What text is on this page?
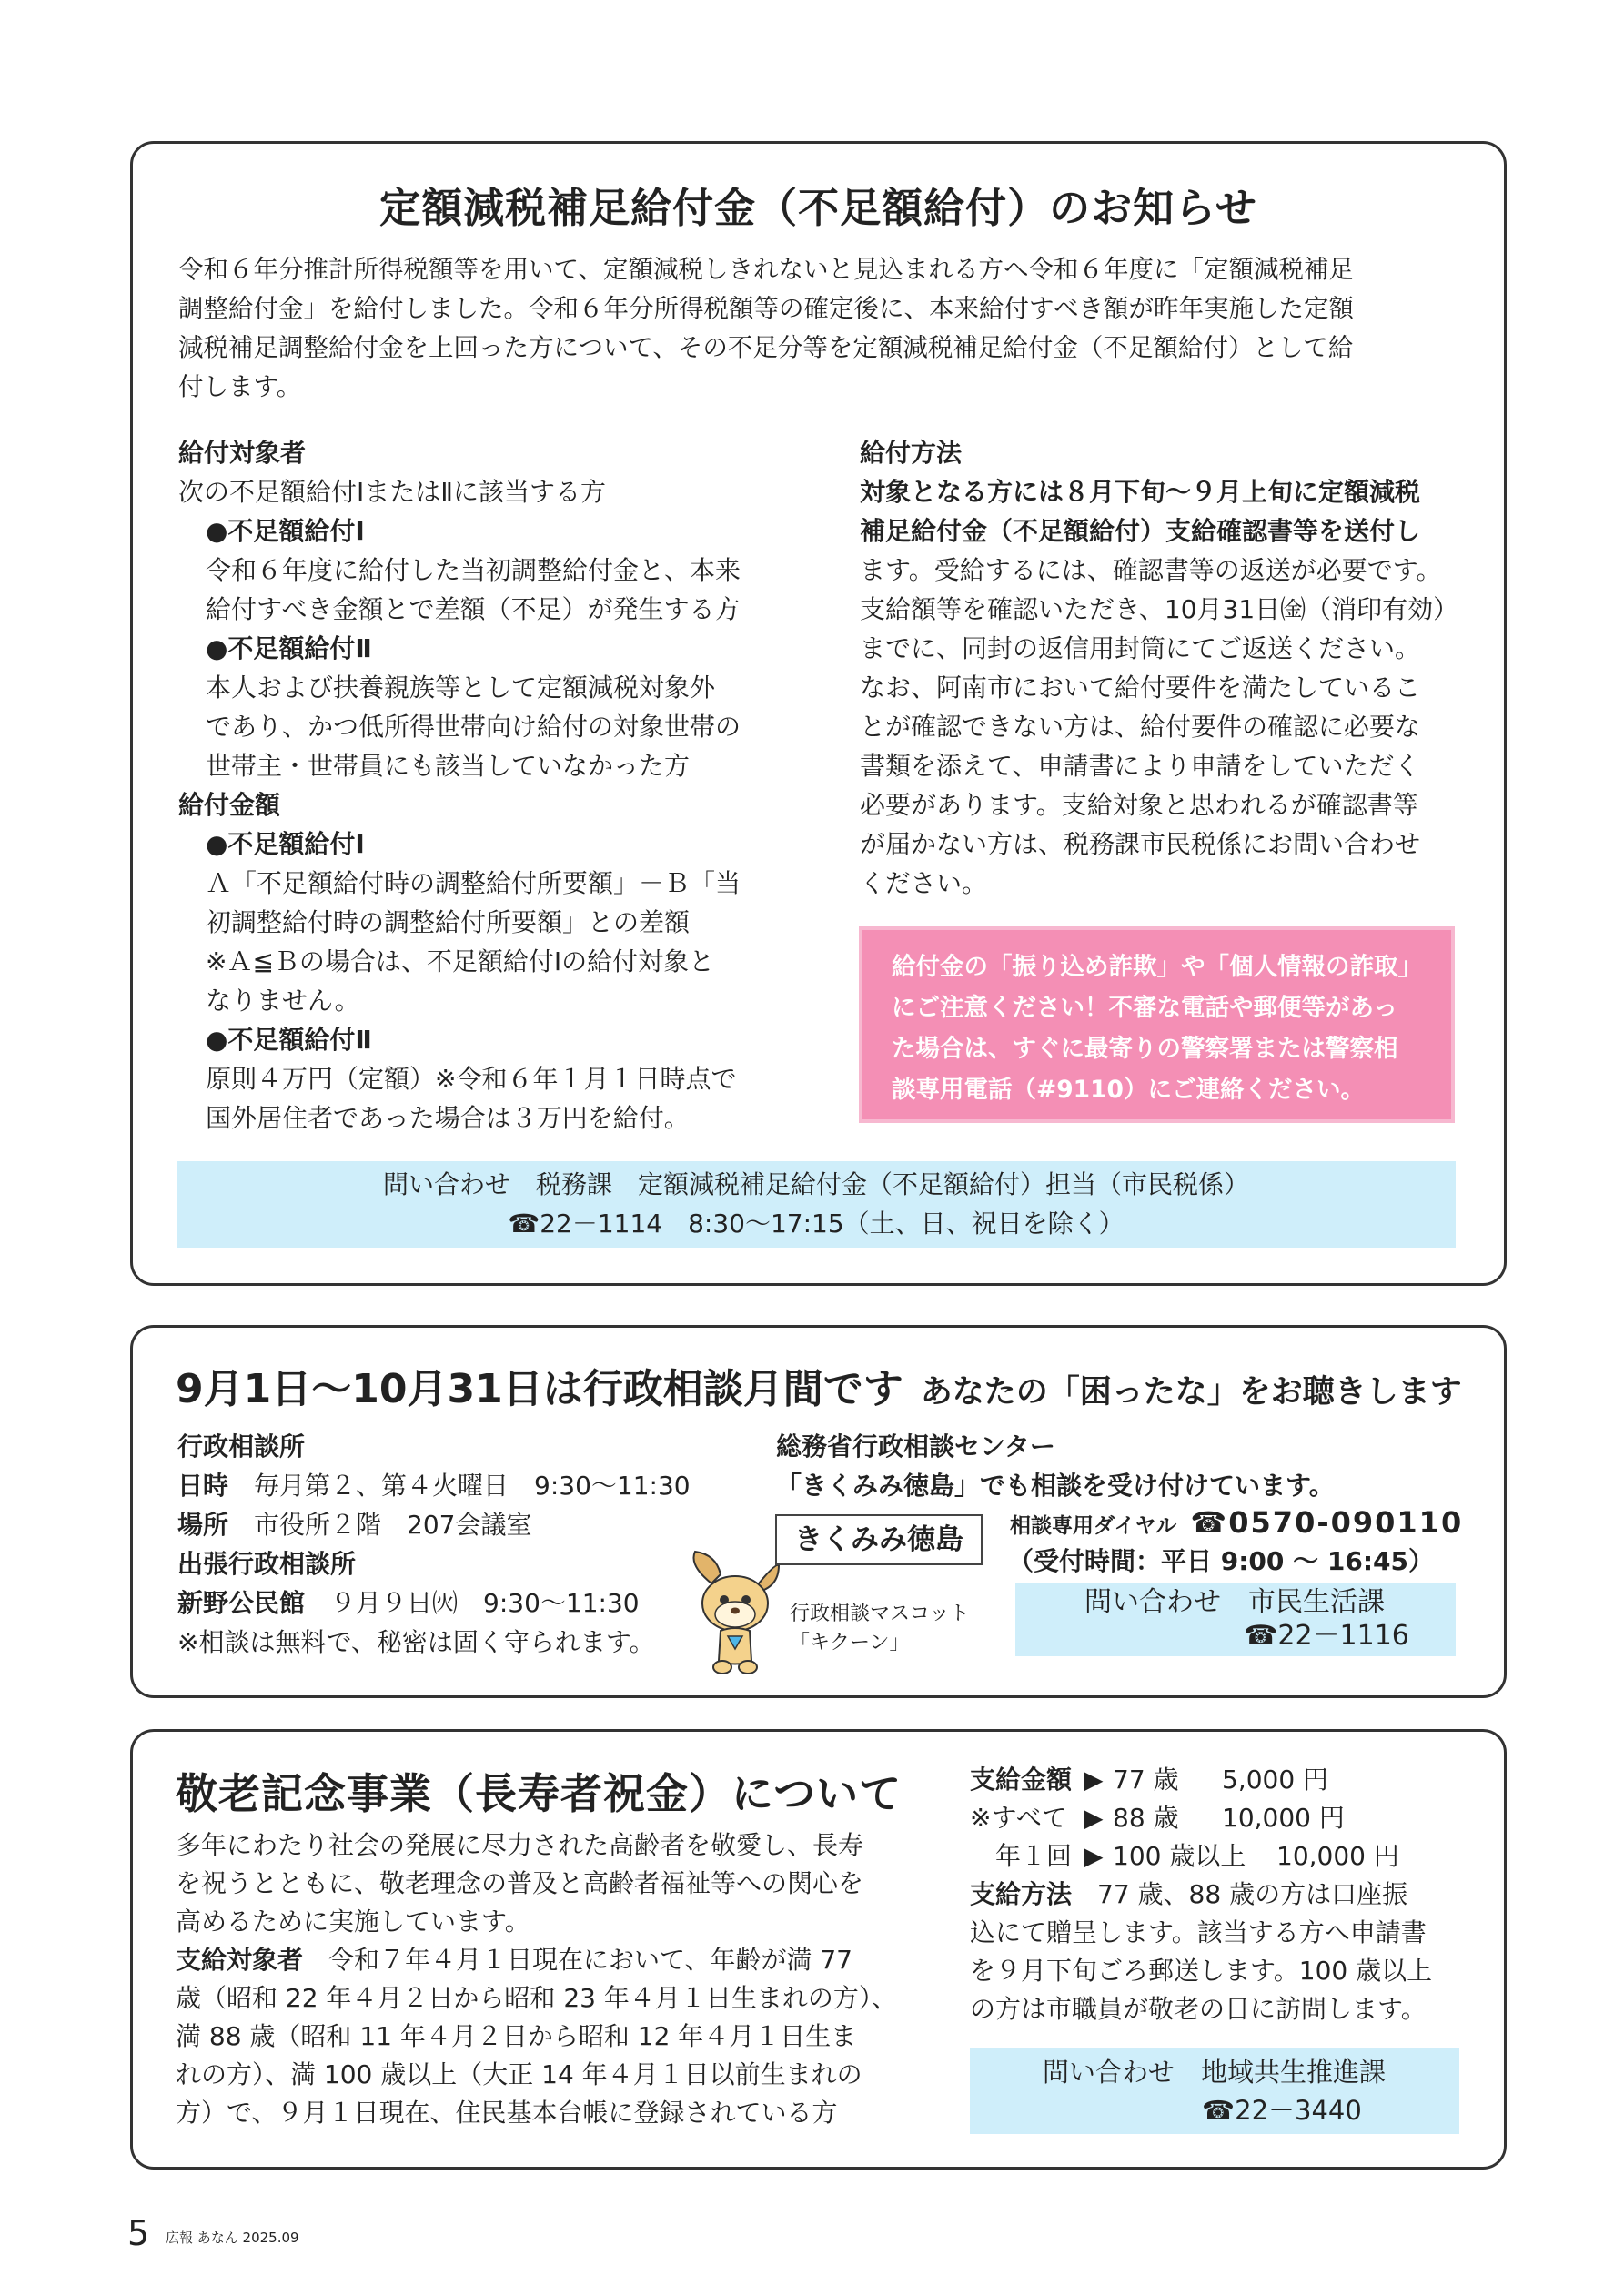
定額減税補足給付金（不足額給付）のお知らせ
令和６年分推計所得税額等を用いて、定額減税しきれないと見込まれる方へ令和６年度に「定額減税補足
調整給付金」を給付しました。令和６年分所得税額等の確定後に、本来給付すべき額が昨年実施した定額
減税補足調整給付金を上回った方について、その不足分等を定額減税補足給付金（不足額給付）として給
付します。
給付対象者
次の不足額給付ⅠまたはⅡに該当する方
●不足額給付Ⅰ
令和６年度に給付した当初調整給付金と、本来
給付すべき金額とで差額（不足）が発生する方
●不足額給付Ⅱ
本人および扶養親族等として定額減税対象外
であり、かつ低所得世帯向け給付の対象世帯の
世帯主・世帯員にも該当していなかった方
給付金額
●不足額給付Ⅰ
Ａ「不足額給付時の調整給付所要額」－Ｂ「当
初調整給付時の調整給付所要額」との差額
※Ａ≦Ｂの場合は、不足額給付Ⅰの給付対象と
なりません。
●不足額給付Ⅱ
原則４万円（定額）※令和６年１月１日時点で
国外居住者であった場合は３万円を給付。
給付方法
対象となる方には８月下旬～９月上旬に定額減税
補足給付金（不足額給付）支給確認書等を送付し
ます。受給するには、確認書等の返送が必要です。
支給額等を確認いただき、10月31日㈮（消印有効）
までに、同封の返信用封筒にてご返送ください。
なお、阿南市において給付要件を満たしているこ
とが確認できない方は、給付要件の確認に必要な
書類を添えて、申請書により申請をしていただく
必要があります。支給対象と思われるが確認書等
が届かない方は、税務課市民税係にお問い合わせ
ください。
給付金の「振り込め詐欺」や「個人情報の詐取」
にご注意ください！不審な電話や郵便等があっ
た場合は、すぐに最寄りの警察署または警察相
談専用電話（#9110）にご連絡ください。
問い合わせ　税務課　定額減税補足給付金（不足額給付）担当（市民税係）
☎22－1114　8:30～17:15（土、日、祝日を除く）
9月1日～10月31日は行政相談月間です あなたの「困ったな」をお聴きします
行政相談所
日時　毎月第２、第４火曜日　9:30～11:30
場所　市役所２階　207会議室
出張行政相談所
新野公民館　９月９日㈫　9:30～11:30
※相談は無料で、秘密は固く守られます。
行政相談マスコット
「キクーン」
総務省行政相談センター
「きくみみ徳島」でも相談を受け付けています。
きくみみ徳島	相談専用ダイヤル ☎0570-090110
（受付時間：平日 9:00 ～ 16:45）
問い合わせ　市民生活課
☎22－1116
敬老記念事業（長寿者祝金）について
多年にわたり社会の発展に尽力された高齢者を敬愛し、長寿
を祝うとともに、敬老理念の普及と高齢者福祉等への関心を
高めるために実施しています。
支給対象者　令和７年４月１日現在において、年齢が満 77
歳（昭和 22 年４月２日から昭和 23 年４月１日生まれの方）、
満 88 歳（昭和 11 年４月２日から昭和 12 年４月１日生ま
れの方）、満 100 歳以上（大正 14 年４月１日以前生まれの
方）で、９月１日現在、住民基本台帳に登録されている方
支給金額 ▶ 77 歳 5,000 円
※すべて ▶ 88 歳 10,000 円
年１回 ▶ 100 歳以上 10,000 円
支給方法　77 歳、88 歳の方は口座振
込にて贈呈します。該当する方へ申請書
を９月下旬ごろ郵送します。100 歳以上
の方は市職員が敬老の日に訪問します。
問い合わせ　地域共生推進課
☎22－3440
5 広報 あなん 2025.09
